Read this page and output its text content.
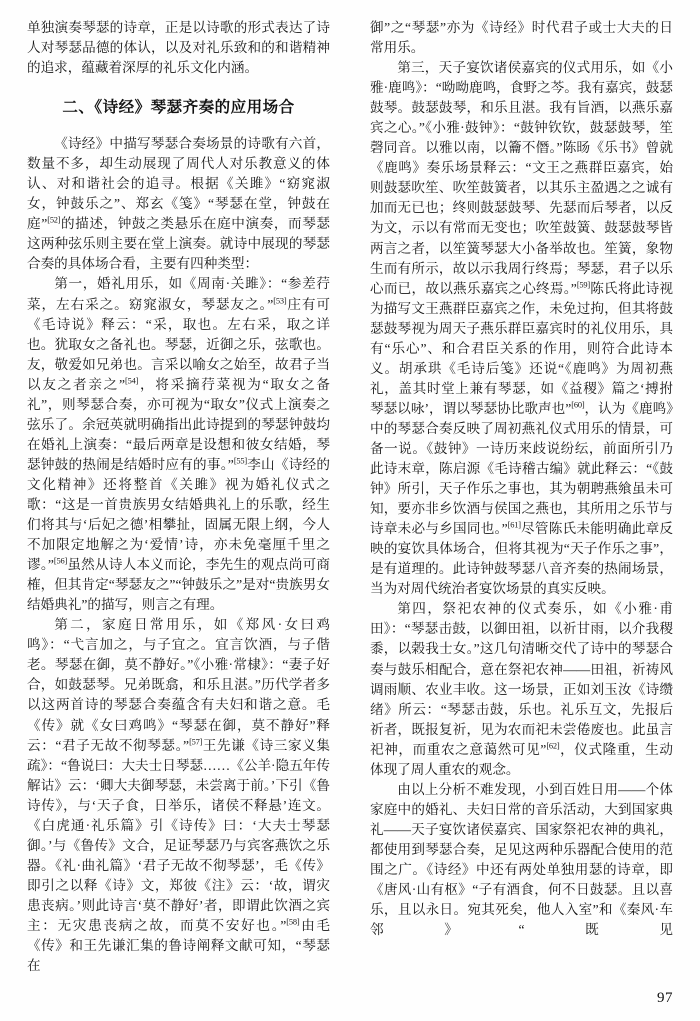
单独演奏琴瑟的诗章，正是以诗歌的形式表达了诗人对琴瑟品德的体认，以及对礼乐致和的和谐精神的追求，蕴藏着深厚的礼乐文化内涵。

二、《诗经》琴瑟齐奏的应用场合

《诗经》中描写琴瑟合奏场景的诗歌有六首，数量不多，却生动展现了周代人对乐教意义的体认、对和谐社会的追寻。根据《关雎》“窈窕淑女，钟鼓乐之”、郑玄《笺》“琴瑟在堂，钟鼓在庭”[52]的描述，钟鼓之类悬乐在庭中演奏，而琴瑟这两种弦乐则主要在堂上演奏。就诗中展现的琴瑟合奏的具体场合看，主要有四种类型：

第一，婚礼用乐，如《周南·关雎》：“参差荇菜，左右采之。窈窕淑女，琴瑟友之。”[53]庄有可《毛诗说》释云：“采，取也。左右采，取之详也。犹取女之备礼也。琴瑟，近御之乐，弦歌也。友，敬爱如兄弟也。言采以喻女之始至，故君子当以友之者亲之”[54]，将采摘荇菜视为“取女之备礼”，则琴瑟合奏，亦可视为“取女”仪式上演奏之弦乐了。余冠英就明确指出此诗提到的琴瑟钟鼓均在婚礼上演奏：“最后两章是设想和彼女结婚，琴瑟钟鼓的热闹是结婚时应有的事。”[55]李山《诗经的文化精神》还将整首《关雎》视为婚礼仪式之歌：“这是一首贵族男女结婚典礼上的乐歌，经生们将其与‘后妃之德’相攀扯，固属无限上纲，今人不加限定地解之为‘爱情’诗，亦未免毫厘千里之谬。”[56]虽然从诗人本义而论，李先生的观点尚可商榷，但其肯定“琴瑟友之”“钟鼓乐之”是对“贵族男女结婚典礼”的描写，则言之有理。

第二，家庭日常用乐，如《郑风·女曰鸡鸣》：“弋言加之，与子宜之。宜言饮酒，与子偕老。琴瑟在御，莫不静好。”《小雅·常棣》：“妻子好合，如鼓瑟琴。兄弟既翕，和乐且湛。”历代学者多以这两首诗的琴瑟合奏蕴含有夫妇和谐之意。毛《传》就《女曰鸡鸣》“琴瑟在御，莫不静好”释云：“君子无故不彻琴瑟。”[57]王先谦《诗三家义集疏》：“鲁说曰：大夫士日琴瑟……《公羊·隐五年传解诂》云：‘卿大夫御琴瑟，未尝离于前。’下引《鲁诗传》，与‘天子食，日举乐，诸侯不释悬’连文。《白虎通·礼乐篇》引《诗传》曰：‘大夫士琴瑟御。’与《鲁传》文合，足证琴瑟乃与宾客燕饮之乐器。《礼·曲礼篇》‘君子无故不彻琴瑟’，毛《传》即引之以释《诗》文，郑彼《注》云：‘故，谓灾患丧病。’则此诗言‘莫不静好’者，即谓此饮酒之宾主：无灾患丧病之故，而莫不安好也。”[58]由毛《传》和王先谦汇集的鲁诗阐释文献可知，“琴瑟在

御”之“琴瑟”亦为《诗经》时代君子或士大夫的日常用乐。

第三，天子宴饮诸侯嘉宾的仪式用乐，如《小雅·鹿鸣》：“呦呦鹿鸣，食野之芩。我有嘉宾，鼓瑟鼓琴。鼓瑟鼓琴，和乐且湛。我有旨酒，以燕乐嘉宾之心。”《小雅·鼓钟》：“鼓钟钦钦，鼓瑟鼓琴，笙磬同音。以雅以南，以籥不僭。”陈旸《乐书》曾就《鹿鸣》奏乐场景释云：“文王之燕群臣嘉宾，始则鼓瑟吹笙、吹笙鼓簧者，以其乐主盈遇之之诚有加而无已也；终则鼓瑟鼓琴、先瑟而后琴者，以反为文，示以有常而无变也；吹笙鼓簧、鼓瑟鼓琴皆两言之者，以笙簧琴瑟大小备举故也。笙簧，象物生而有所示，故以示我周行终焉；琴瑟，君子以乐心而已，故以燕乐嘉宾之心终焉。”[59]陈氏将此诗视为描写文王燕群臣嘉宾之作，未免过拘，但其将鼓瑟鼓琴视为周天子燕乐群臣嘉宾时的礼仪用乐，具有“乐心”、和合君臣关系的作用，则符合此诗本义。胡承珙《毛诗后笺》还说“《鹿鸣》为周初燕礼，盖其时堂上兼有琴瑟，如《益稷》篇之‘搏拊琴瑟以咏’，谓以琴瑟协比歌声也”[60]，认为《鹿鸣》中的琴瑟合奏反映了周初燕礼仪式用乐的情景，可备一说。《鼓钟》一诗历来歧说纷纭，前面所引乃此诗末章，陈启源《毛诗稽古编》就此释云：“《鼓钟》所引，天子作乐之事也，其为朝聘燕飨虽未可知，要亦非乡饮酒与侯国之燕也，其所用之乐节与诗章未必与乡国同也。”[61]尽管陈氏未能明确此章反映的宴饮具体场合，但将其视为“天子作乐之事”，是有道理的。此诗钟鼓琴瑟八音齐奏的热闹场景，当为对周代统治者宴饮场景的真实反映。

第四，祭祀农神的仪式奏乐，如《小雅·甫田》：“琴瑟击鼓，以御田祖，以祈甘雨，以介我稷黍，以榖我士女。”这几句清晰交代了诗中的琴瑟合奏与鼓乐相配合，意在祭祀农神——田祖，祈祷风调雨顺、农业丰收。这一场景，正如刘玉汝《诗缵绪》所云：“琴瑟击鼓，乐也。礼乐互文，先报后祈者，既报复祈，见为农而祀未尝倦废也。此虽言祀神，而重农之意蔼然可见”[62]，仪式隆重，生动体现了周人重农的观念。

由以上分析不难发现，小到百姓日用——个体家庭中的婚礼、夫妇日常的音乐活动，大到国家典礼——天子宴饮诸侯嘉宾、国家祭祀农神的典礼，都使用到琴瑟合奏，足见这两种乐器配合使用的范围之广。《诗经》中还有两处单独用瑟的诗章，即《唐风·山有枢》“子有酒食，何不日鼓瑟。且以喜乐，且以永日。宛其死矣，他人入室”和《秦风·车邻》“既见

97
